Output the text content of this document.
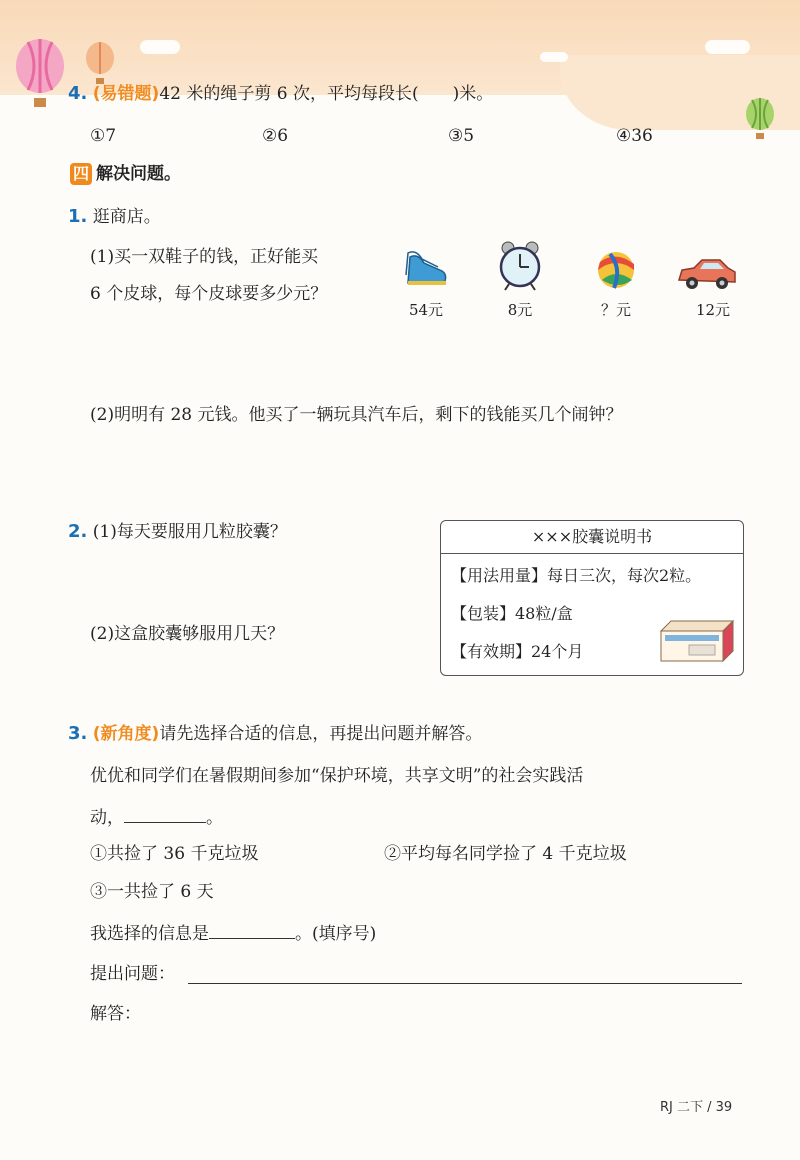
4. (易错题)42 米的绳子剪 6 次，平均每段长(　　)米。
①7	②6	③5	④36
四 解决问题。
1. 逛商店。
(1)买一双鞋子的钱，正好能买
6 个皮球，每个皮球要多少元？
54元	8元	？元	12元
(2)明明有 28 元钱。他买了一辆玩具汽车后，剩下的钱能买几个闹钟？
2. (1)每天要服用几粒胶囊？
(2)这盒胶囊够服用几天？
×××胶囊说明书
【用法用量】每日三次，每次2粒。
【包装】48粒/盒
【有效期】24个月
3. (新角度)请先选择合适的信息，再提出问题并解答。
优优和同学们在暑假期间参加“保护环境，共享文明”的社会实践活
动，	。
①共捡了 36 千克垃圾	②平均每名同学捡了 4 千克垃圾
③一共捡了 6 天
我选择的信息是	。(填序号)
提出问题：
解答：
RJ 二下 / 39
